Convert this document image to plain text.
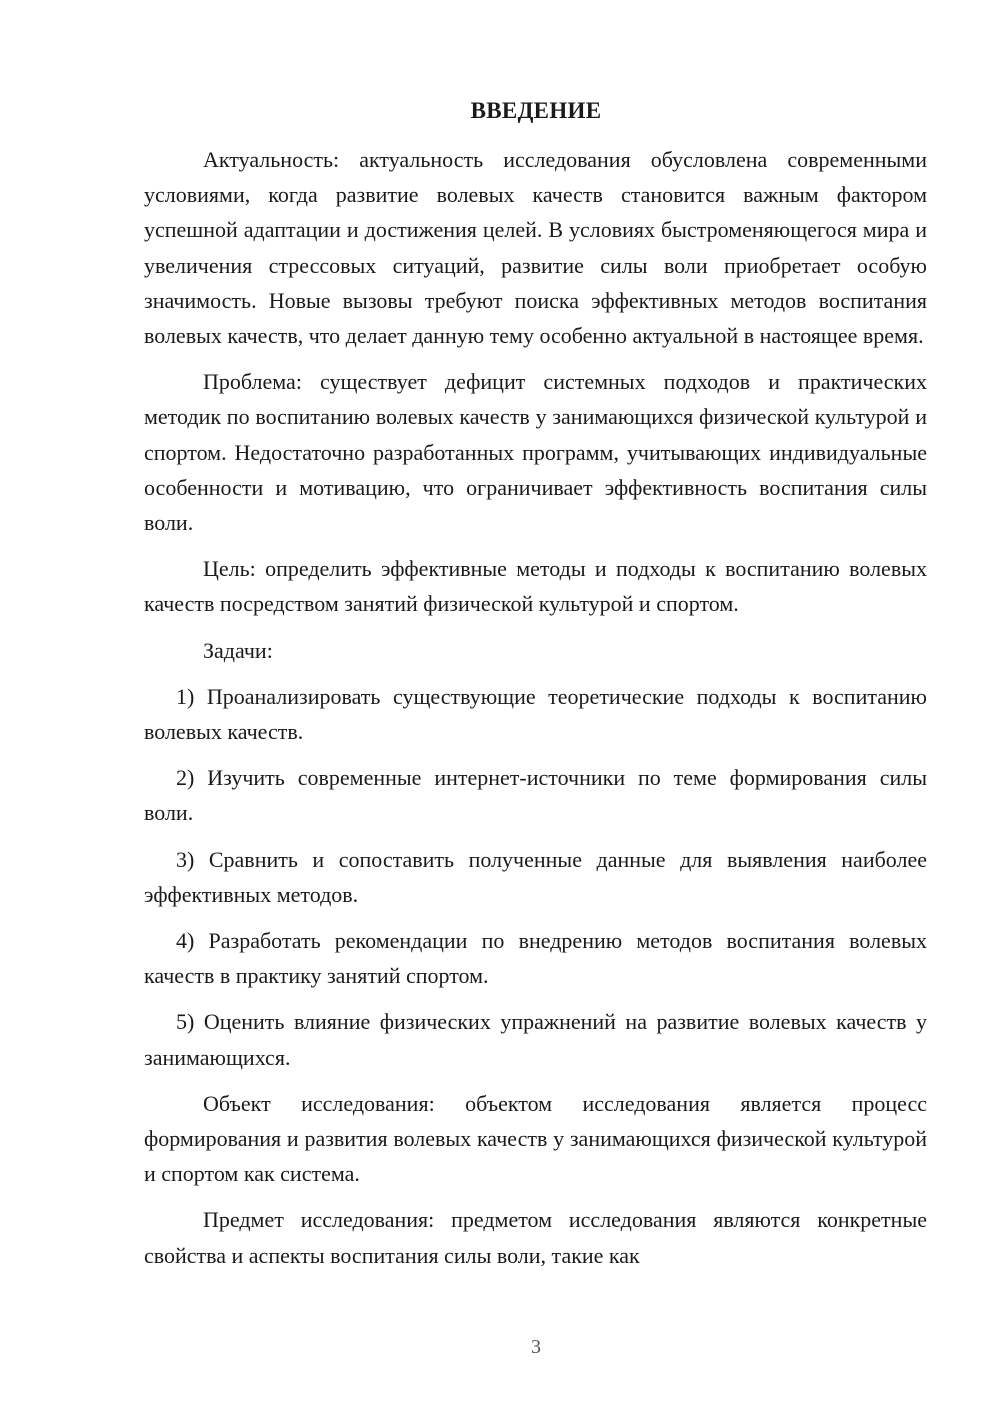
ВВЕДЕНИЕ

Актуальность: актуальность исследования обусловлена современными условиями, когда развитие волевых качеств становится важным фактором успешной адаптации и достижения целей. В условиях быстроменяющегося мира и увеличения стрессовых ситуаций, развитие силы воли приобретает особую значимость. Новые вызовы требуют поиска эффективных методов воспитания волевых качеств, что делает данную тему особенно актуальной в настоящее время.

Проблема: существует дефицит системных подходов и практических методик по воспитанию волевых качеств у занимающихся физической культурой и спортом. Недостаточно разработанных программ, учитывающих индивидуальные особенности и мотивацию, что ограничивает эффективность воспитания силы воли.

Цель: определить эффективные методы и подходы к воспитанию волевых качеств посредством занятий физической культурой и спортом.

Задачи:

1) Проанализировать существующие теоретические подходы к воспитанию волевых качеств.

2) Изучить современные интернет-источники по теме формирования силы воли.

3) Сравнить и сопоставить полученные данные для выявления наиболее эффективных методов.

4) Разработать рекомендации по внедрению методов воспитания волевых качеств в практику занятий спортом.

5) Оценить влияние физических упражнений на развитие волевых качеств у занимающихся.

Объект исследования: объектом исследования является процесс формирования и развития волевых качеств у занимающихся физической культурой и спортом как система.

Предмет исследования: предметом исследования являются конкретные свойства и аспекты воспитания силы воли, такие как

3
